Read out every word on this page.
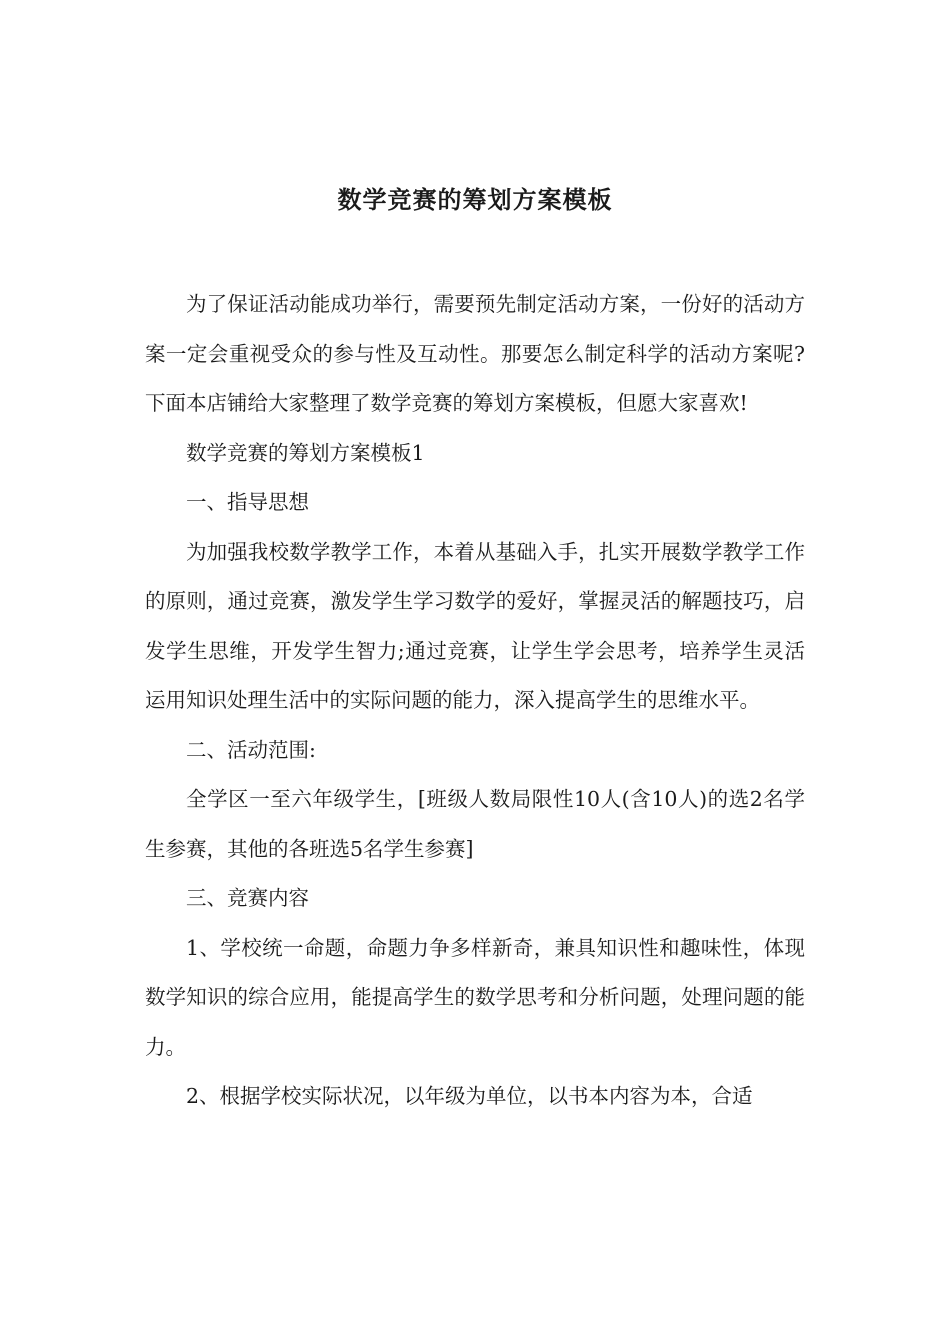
数学竞赛的筹划方案模板

为了保证活动能成功举行，需要预先制定活动方案，一份好的活动方案一定会重视受众的参与性及互动性。那要怎么制定科学的活动方案呢?下面本店铺给大家整理了数学竞赛的筹划方案模板，但愿大家喜欢!

数学竞赛的筹划方案模板1

一、指导思想

为加强我校数学教学工作，本着从基础入手，扎实开展数学教学工作的原则，通过竞赛，激发学生学习数学的爱好，掌握灵活的解题技巧，启发学生思维，开发学生智力;通过竞赛，让学生学会思考，培养学生灵活运用知识处理生活中的实际问题的能力，深入提高学生的思维水平。

二、活动范围:

全学区一至六年级学生，[班级人数局限性10人(含10人)的选2名学生参赛，其他的各班选5名学生参赛]

三、竞赛内容

1、学校统一命题，命题力争多样新奇，兼具知识性和趣味性，体现数学知识的综合应用，能提高学生的数学思考和分析问题，处理问题的能力。

2、根据学校实际状况，以年级为单位，以书本内容为本，合适
